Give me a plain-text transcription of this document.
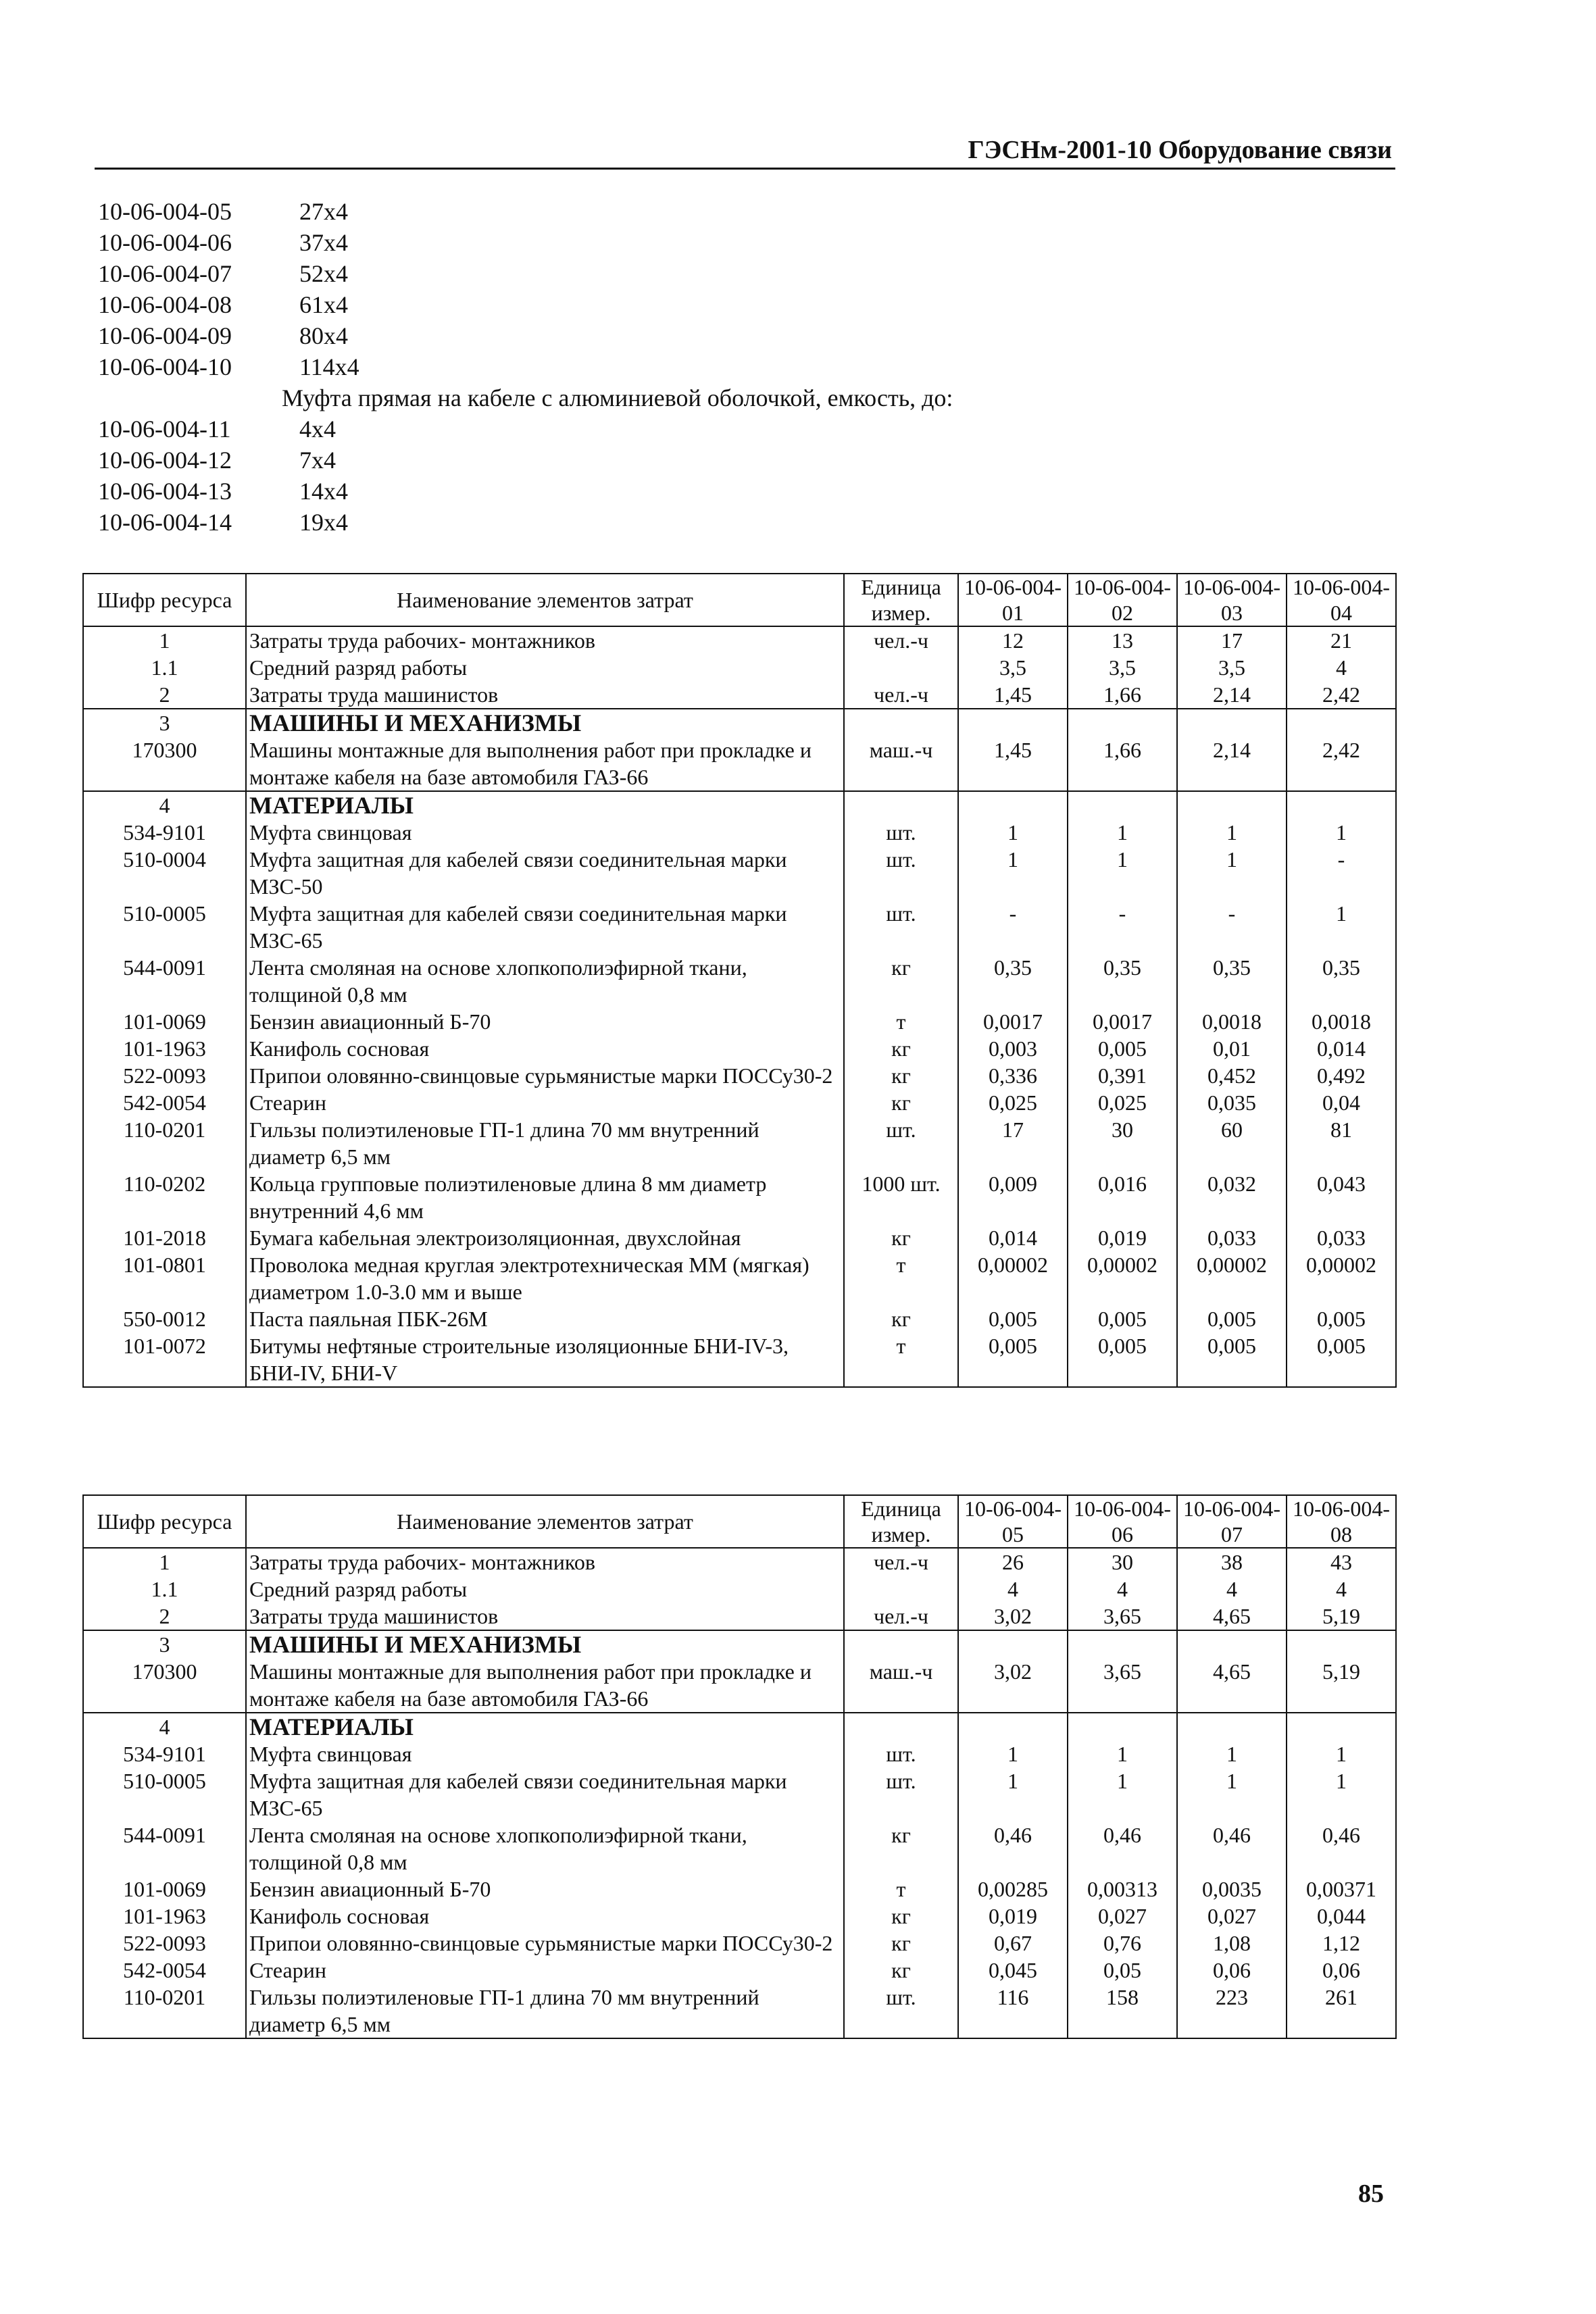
ГЭСНм-2001-10 Оборудование связи
10-06-004-05	27х4
10-06-004-06	37х4
10-06-004-07	52х4
10-06-004-08	61х4
10-06-004-09	80х4
10-06-004-10	114х4
Муфта прямая на кабеле с алюминиевой оболочкой, емкость, до:
10-06-004-11	4х4
10-06-004-12	7х4
10-06-004-13	14х4
10-06-004-14	19х4
Шифр ресурса	Наименование элементов затрат	Единица измер.	10-06-004-01	10-06-004-02	10-06-004-03	10-06-004-04
1	Затраты труда рабочих- монтажников	чел.-ч	12	13	17	21
1.1	Средний разряд работы		3,5	3,5	3,5	4
2	Затраты труда машинистов	чел.-ч	1,45	1,66	2,14	2,42
3	МАШИНЫ И МЕХАНИЗМЫ					
170300	Машины монтажные для выполнения работ при прокладке и монтаже кабеля на базе автомобиля ГАЗ-66	маш.-ч	1,45	1,66	2,14	2,42
4	МАТЕРИАЛЫ					
534-9101	Муфта свинцовая	шт.	1	1	1	1
510-0004	Муфта защитная для кабелей связи соединительная марки МЗС-50	шт.	1	1	1	-
510-0005	Муфта защитная для кабелей связи соединительная марки МЗС-65	шт.	-	-	-	1
544-0091	Лента смоляная на основе хлопкополиэфирной ткани, толщиной 0,8 мм	кг	0,35	0,35	0,35	0,35
101-0069	Бензин авиационный Б-70	т	0,0017	0,0017	0,0018	0,0018
101-1963	Канифоль сосновая	кг	0,003	0,005	0,01	0,014
522-0093	Припои оловянно-свинцовые сурьмянистые марки ПОССу30-2	кг	0,336	0,391	0,452	0,492
542-0054	Стеарин	кг	0,025	0,025	0,035	0,04
110-0201	Гильзы полиэтиленовые ГП-1 длина 70 мм внутренний диаметр 6,5 мм	шт.	17	30	60	81
110-0202	Кольца групповые полиэтиленовые длина 8 мм диаметр внутренний 4,6 мм	1000 шт.	0,009	0,016	0,032	0,043
101-2018	Бумага кабельная электроизоляционная, двухслойная	кг	0,014	0,019	0,033	0,033
101-0801	Проволока медная круглая электротехническая ММ (мягкая) диаметром 1.0-3.0 мм и выше	т	0,00002	0,00002	0,00002	0,00002
550-0012	Паста паяльная ПБК-26М	кг	0,005	0,005	0,005	0,005
101-0072	Битумы нефтяные строительные изоляционные БНИ-IV-3, БНИ-IV, БНИ-V	т	0,005	0,005	0,005	0,005
Шифр ресурса	Наименование элементов затрат	Единица измер.	10-06-004-05	10-06-004-06	10-06-004-07	10-06-004-08
1	Затраты труда рабочих- монтажников	чел.-ч	26	30	38	43
1.1	Средний разряд работы		4	4	4	4
2	Затраты труда машинистов	чел.-ч	3,02	3,65	4,65	5,19
3	МАШИНЫ И МЕХАНИЗМЫ					
170300	Машины монтажные для выполнения работ при прокладке и монтаже кабеля на базе автомобиля ГАЗ-66	маш.-ч	3,02	3,65	4,65	5,19
4	МАТЕРИАЛЫ					
534-9101	Муфта свинцовая	шт.	1	1	1	1
510-0005	Муфта защитная для кабелей связи соединительная марки МЗС-65	шт.	1	1	1	1
544-0091	Лента смоляная на основе хлопкополиэфирной ткани, толщиной 0,8 мм	кг	0,46	0,46	0,46	0,46
101-0069	Бензин авиационный Б-70	т	0,00285	0,00313	0,0035	0,00371
101-1963	Канифоль сосновая	кг	0,019	0,027	0,027	0,044
522-0093	Припои оловянно-свинцовые сурьмянистые марки ПОССу30-2	кг	0,67	0,76	1,08	1,12
542-0054	Стеарин	кг	0,045	0,05	0,06	0,06
110-0201	Гильзы полиэтиленовые ГП-1 длина 70 мм внутренний диаметр 6,5 мм	шт.	116	158	223	261
85
